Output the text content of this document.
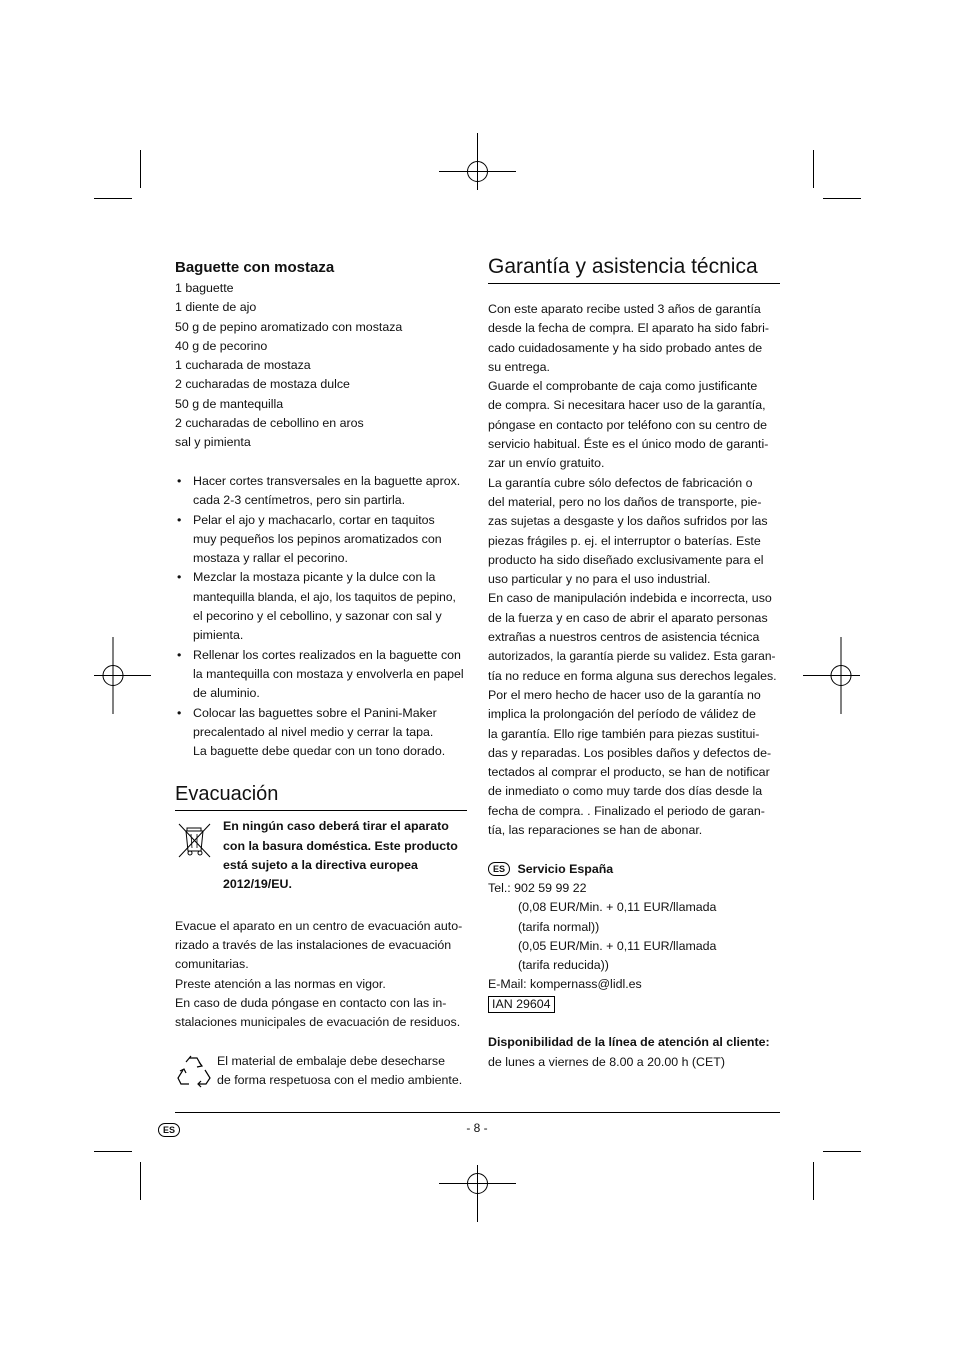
Baguette con mostaza
1 baguette
1 diente de ajo
50 g de pepino aromatizado con mostaza
40 g de pecorino
1 cucharada de mostaza
2 cucharadas de mostaza dulce
50 g de mantequilla
2 cucharadas de cebollino en aros
sal y pimienta
• Hacer cortes transversales en la baguette aprox.
cada 2-3 centímetros, pero sin partirla.
• Pelar el ajo y machacarlo, cortar en taquitos
muy pequeños los pepinos aromatizados con
mostaza y rallar el pecorino.
• Mezclar la mostaza picante y la dulce con la
mantequilla blanda, el ajo, los taquitos de pepino,
el pecorino y el cebollino, y sazonar con sal y
pimienta.
• Rellenar los cortes realizados en la baguette con
la mantequilla con mostaza y envolverla en papel
de aluminio.
• Colocar las baguettes sobre el Panini-Maker
precalentado al nivel medio y cerrar la tapa.
La baguette debe quedar con un tono dorado.
Evacuación
En ningún caso deberá tirar el aparato
con la basura doméstica. Este producto
está sujeto a la directiva europea
2012/19/EU.
Evacue el aparato en un centro de evacuación auto-
rizado a través de las instalaciones de evacuación
comunitarias.
Preste atención a las normas en vigor.
En caso de duda póngase en contacto con las in-
stalaciones municipales de evacuación de residuos.
El material de embalaje debe desecharse
de forma respetuosa con el medio ambiente.
Garantía y asistencia técnica
Con este aparato recibe usted 3 años de garantía
desde la fecha de compra. El aparato ha sido fabri-
cado cuidadosamente y ha sido probado antes de
su entrega.
Guarde el comprobante de caja como justificante
de compra. Si necesitara hacer uso de la garantía,
póngase en contacto por teléfono con su centro de
servicio habitual. Éste es el único modo de garanti-
zar un envío gratuito.
La garantía cubre sólo defectos de fabricación o
del material, pero no los daños de transporte, pie-
zas sujetas a desgaste y los daños sufridos por las
piezas frágiles p. ej. el interruptor o baterías. Este
producto ha sido diseñado exclusivamente para el
uso particular y no para el uso industrial.
En caso de manipulación indebida e incorrecta, uso
de la fuerza y en caso de abrir el aparato personas
extrañas a nuestros centros de asistencia técnica
autorizados, la garantía pierde su validez. Esta garan-
tía no reduce en forma alguna sus derechos legales.
Por el mero hecho de hacer uso de la garantía no
implica la prolongación del período de válidez de
la garantía. Ello rige también para piezas sustitui-
das y reparadas. Los posibles daños y defectos de-
tectados al comprar el producto, se han de notificar
de inmediato o como muy tarde dos días desde la
fecha de compra. . Finalizado el periodo de garan-
tía, las reparaciones se han de abonar.
ES Servicio España
Tel.: 902 59 99 22
(0,08 EUR/Min. + 0,11 EUR/llamada
(tarifa normal))
(0,05 EUR/Min. + 0,11 EUR/llamada
(tarifa reducida))
E-Mail: kompernass@lidl.es
IAN 29604
Disponibilidad de la línea de atención al cliente:
de lunes a viernes de 8.00 a 20.00 h (CET)
ES	- 8 -
